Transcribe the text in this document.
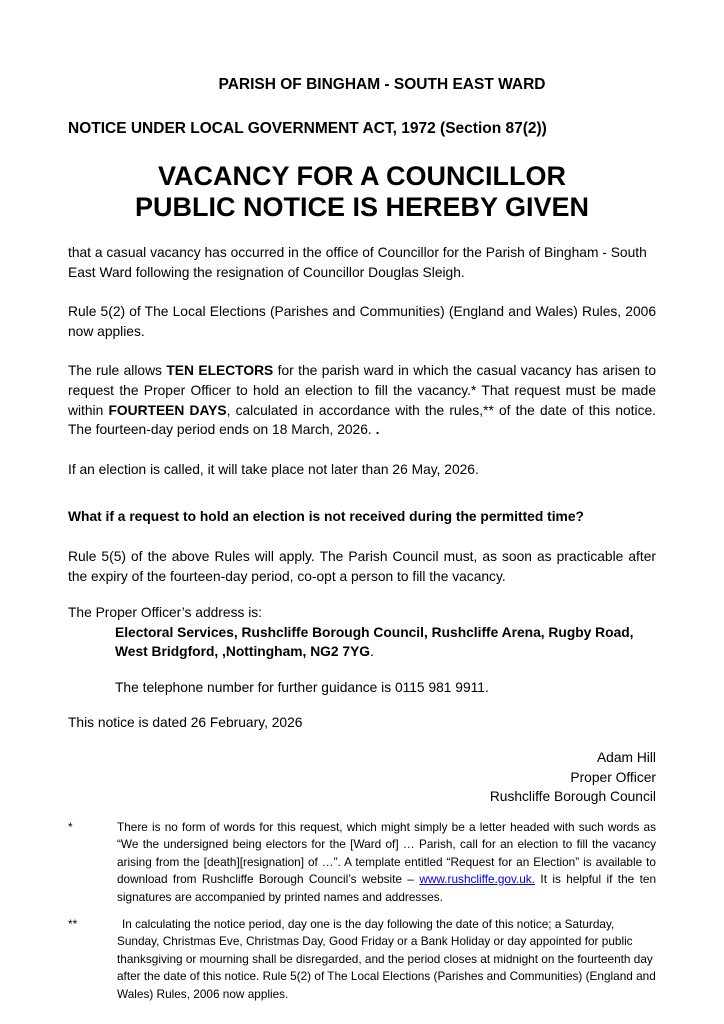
PARISH OF BINGHAM - SOUTH EAST WARD
NOTICE UNDER LOCAL GOVERNMENT ACT, 1972 (Section 87(2))
VACANCY FOR A COUNCILLOR
PUBLIC NOTICE IS HEREBY GIVEN
that a casual vacancy has occurred in the office of Councillor for the Parish of Bingham - South East Ward following the resignation of Councillor Douglas Sleigh.
Rule 5(2) of The Local Elections (Parishes and Communities) (England and Wales) Rules, 2006 now applies.
The rule allows TEN ELECTORS for the parish ward in which the casual vacancy has arisen to request the Proper Officer to hold an election to fill the vacancy.* That request must be made within FOURTEEN DAYS, calculated in accordance with the rules,** of the date of this notice. The fourteen-day period ends on 18 March, 2026. .
If an election is called, it will take place not later than 26 May, 2026.
What if a request to hold an election is not received during the permitted time?
Rule 5(5) of the above Rules will apply. The Parish Council must, as soon as practicable after the expiry of the fourteen-day period, co-opt a person to fill the vacancy.
The Proper Officer’s address is:
Electoral Services, Rushcliffe Borough Council, Rushcliffe Arena, Rugby Road, West Bridgford, ,Nottingham, NG2 7YG.
The telephone number for further guidance is 0115 981 9911.
This notice is dated 26 February, 2026
Adam Hill
Proper Officer
Rushcliffe Borough Council
*	There is no form of words for this request, which might simply be a letter headed with such words as “We the undersigned being electors for the [Ward of] … Parish, call for an election to fill the vacancy arising from the [death][resignation] of …”. A template entitled “Request for an Election” is available to download from Rushcliffe Borough Council’s website – www.rushcliffe.gov.uk. It is helpful if the ten signatures are accompanied by printed names and addresses.
**	In calculating the notice period, day one is the day following the date of this notice; a Saturday, Sunday, Christmas Eve, Christmas Day, Good Friday or a Bank Holiday or day appointed for public thanksgiving or mourning shall be disregarded, and the period closes at midnight on the fourteenth day after the date of this notice. Rule 5(2) of The Local Elections (Parishes and Communities) (England and Wales) Rules, 2006 now applies.
